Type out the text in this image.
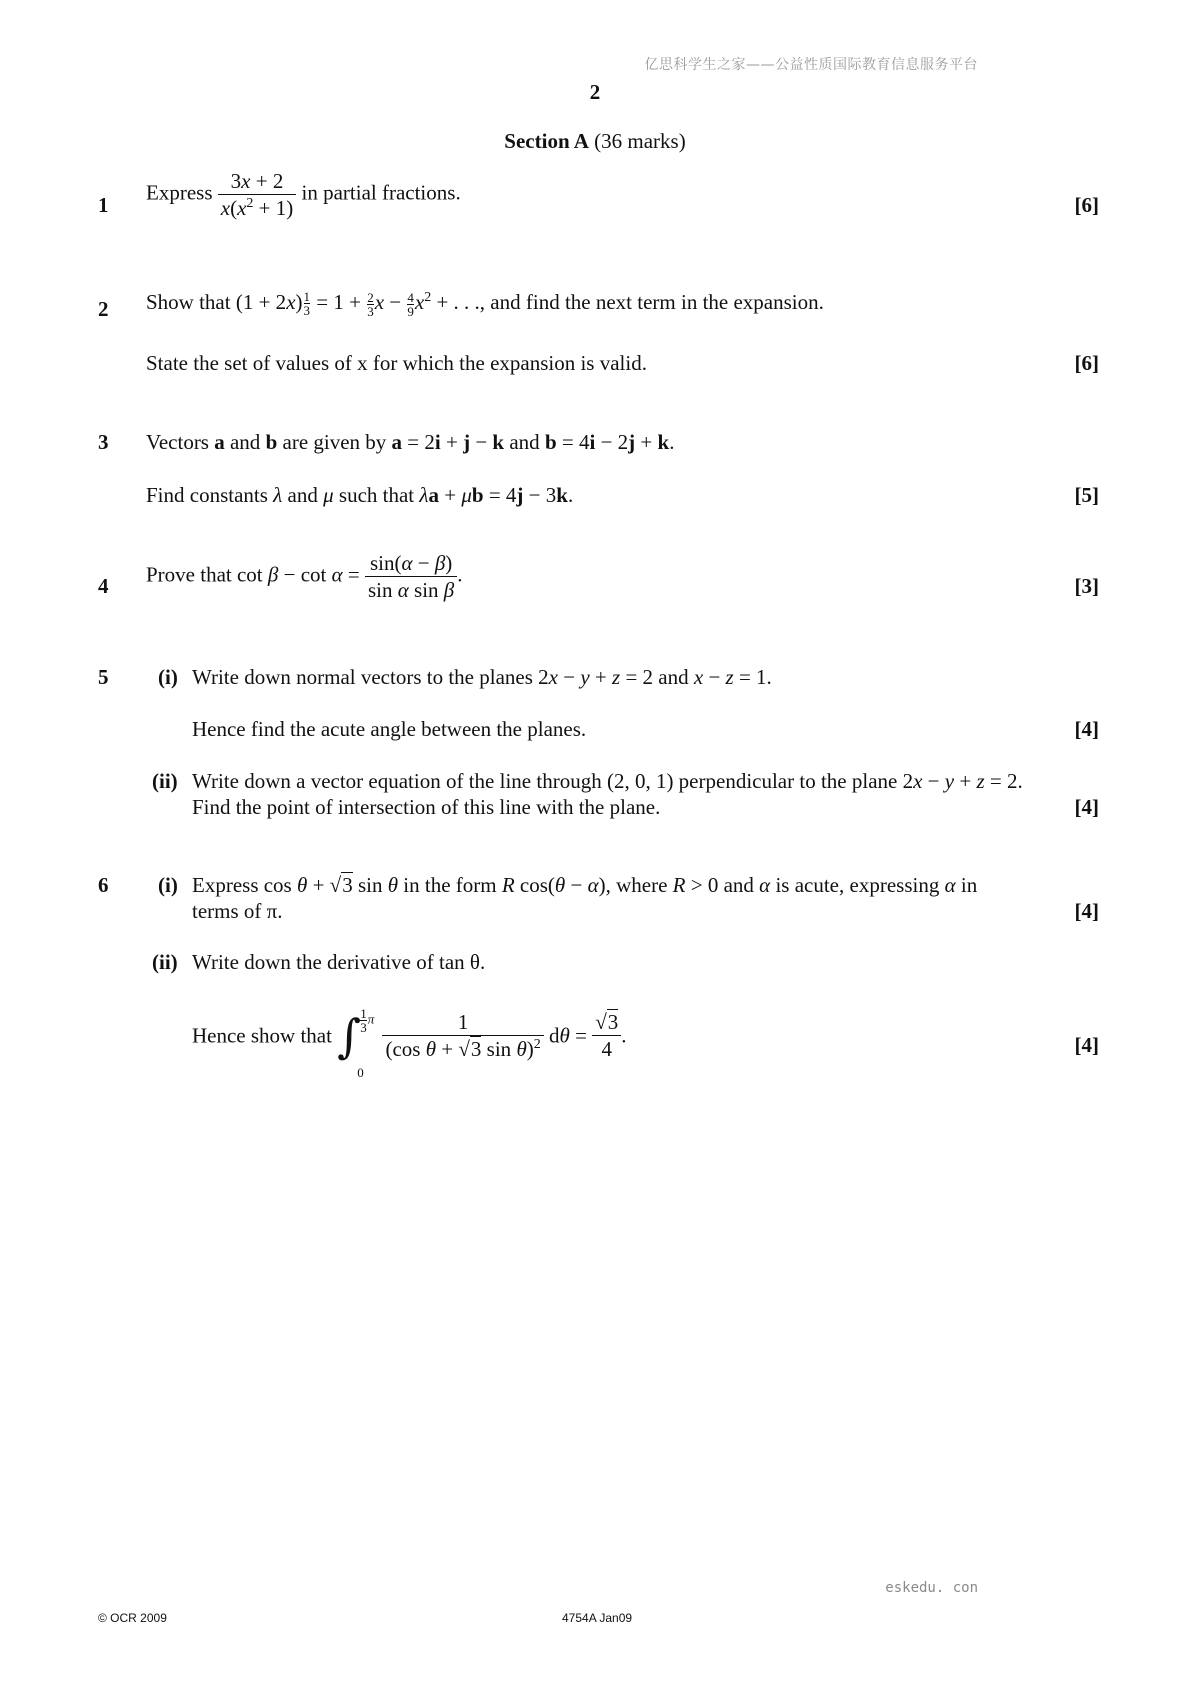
亿思科学生之家——公益性质国际教育信息服务平台
2
Section A (36 marks)
1
Express $\frac{3x + 2}{x(x^2 + 1)}$ in partial fractions.
[6]
2 Show that $(1 + 2x) \frac{1}{3} = 1 + \frac{2}{3}$ $x - \frac{4}{9} x^2$ + . . ., and find the next term in the expansion.
State the set of values of x for which the expansion is valid.	[6]
3 Vectors a and b are given by a = 2i + j − k and b = 4i − 2j + k.
Find constants λ and μ such that λa + μb = 4j − 3k.	[5]
4 Prove that $\cot \beta - \cot \alpha = \frac{\sin(\alpha - \beta)}{\text{sin α sin β}}$ .	[3]
5 (i) Write down normal vectors to the planes 2x − y + z = 2 and x − z = 1.
Hence find the acute angle between the planes.	[4]
(ii) Write down a vector equation of the line through (2, 0, 1) perpendicular to the plane 2x − y + z = 2.
Find the point of intersection of this line with the plane.	[4]
6 (i) Express cos θ + √3 sin θ in the form R cos(θ − α), where R > 0 and α is acute, expressing α in
terms of π.	[4]
(ii) Write down the derivative of tan θ.
Hence show that ∫ $\frac{1}{3}$ π
0

$\frac{1}{(\cos \theta + √3 \sin \theta)^2}$ $d\theta = \frac{√3}{4}$ .	[4]
eskedu. con
© OCR 2009	4754A Jan09
